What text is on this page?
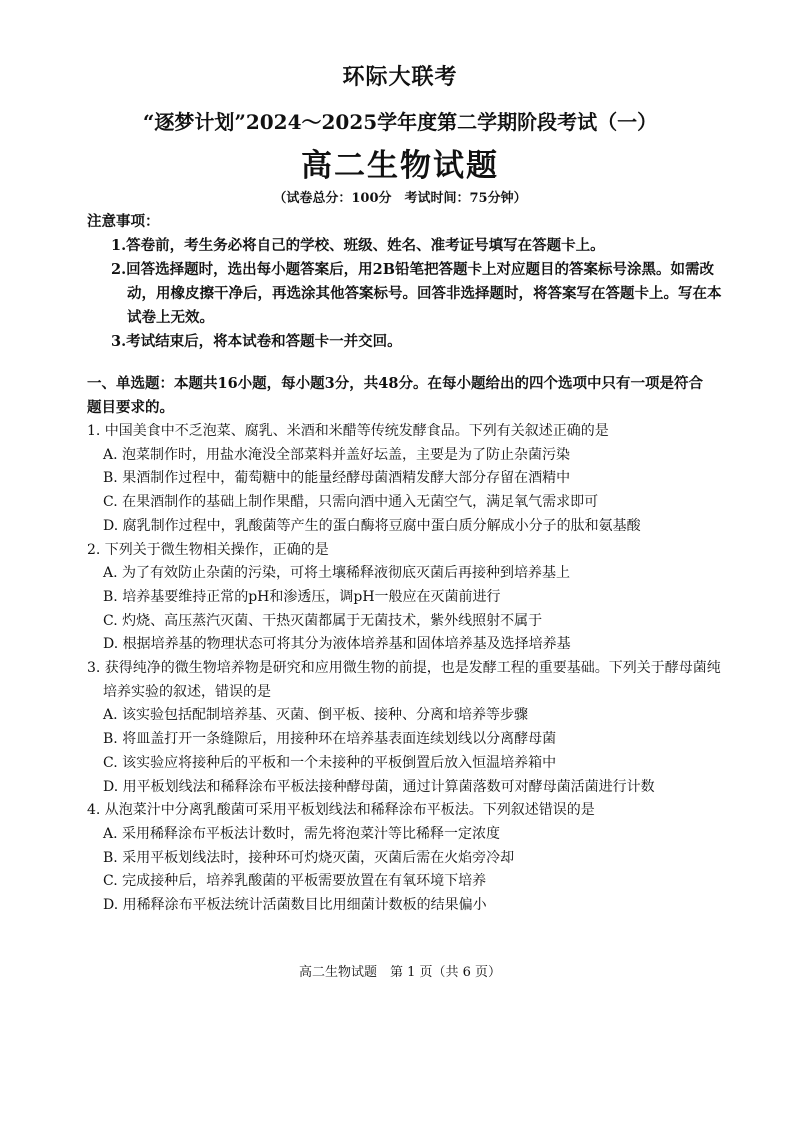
环际大联考
“逐梦计划”2024～2025学年度第二学期阶段考试（一）
高二生物试题
（试卷总分：100分　考试时间：75分钟）
注意事项：
1.答卷前，考生务必将自己的学校、班级、姓名、准考证号填写在答题卡上。
2.回答选择题时，选出每小题答案后，用2B铅笔把答题卡上对应题目的答案标号涂黑。如需改动，用橡皮擦干净后，再选涂其他答案标号。回答非选择题时，将答案写在答题卡上。写在本试卷上无效。
3.考试结束后，将本试卷和答题卡一并交回。
一、单选题：本题共16小题，每小题3分，共48分。在每小题给出的四个选项中只有一项是符合题目要求的。
1. 中国美食中不乏泡菜、腐乳、米酒和米醋等传统发酵食品。下列有关叙述正确的是
A. 泡菜制作时，用盐水淹没全部菜料并盖好坛盖，主要是为了防止杂菌污染
B. 果酒制作过程中，葡萄糖中的能量经酵母菌酒精发酵大部分存留在酒精中
C. 在果酒制作的基础上制作果醋，只需向酒中通入无菌空气，满足氧气需求即可
D. 腐乳制作过程中，乳酸菌等产生的蛋白酶将豆腐中蛋白质分解成小分子的肽和氨基酸
2. 下列关于微生物相关操作，正确的是
A. 为了有效防止杂菌的污染，可将土壤稀释液彻底灭菌后再接种到培养基上
B. 培养基要维持正常的pH和渗透压，调pH一般应在灭菌前进行
C. 灼烧、高压蒸汽灭菌、干热灭菌都属于无菌技术，紫外线照射不属于
D. 根据培养基的物理状态可将其分为液体培养基和固体培养基及选择培养基
3. 获得纯净的微生物培养物是研究和应用微生物的前提，也是发酵工程的重要基础。下列关于酵母菌纯培养实验的叙述，错误的是
A. 该实验包括配制培养基、灭菌、倒平板、接种、分离和培养等步骤
B. 将皿盖打开一条缝隙后，用接种环在培养基表面连续划线以分离酵母菌
C. 该实验应将接种后的平板和一个未接种的平板倒置后放入恒温培养箱中
D. 用平板划线法和稀释涂布平板法接种酵母菌，通过计算菌落数可对酵母菌活菌进行计数
4. 从泡菜汁中分离乳酸菌可采用平板划线法和稀释涂布平板法。下列叙述错误的是
A. 采用稀释涂布平板法计数时，需先将泡菜汁等比稀释一定浓度
B. 采用平板划线法时，接种环可灼烧灭菌，灭菌后需在火焰旁冷却
C. 完成接种后，培养乳酸菌的平板需要放置在有氧环境下培养
D. 用稀释涂布平板法统计活菌数目比用细菌计数板的结果偏小
高二生物试题　第 1 页（共 6 页）
